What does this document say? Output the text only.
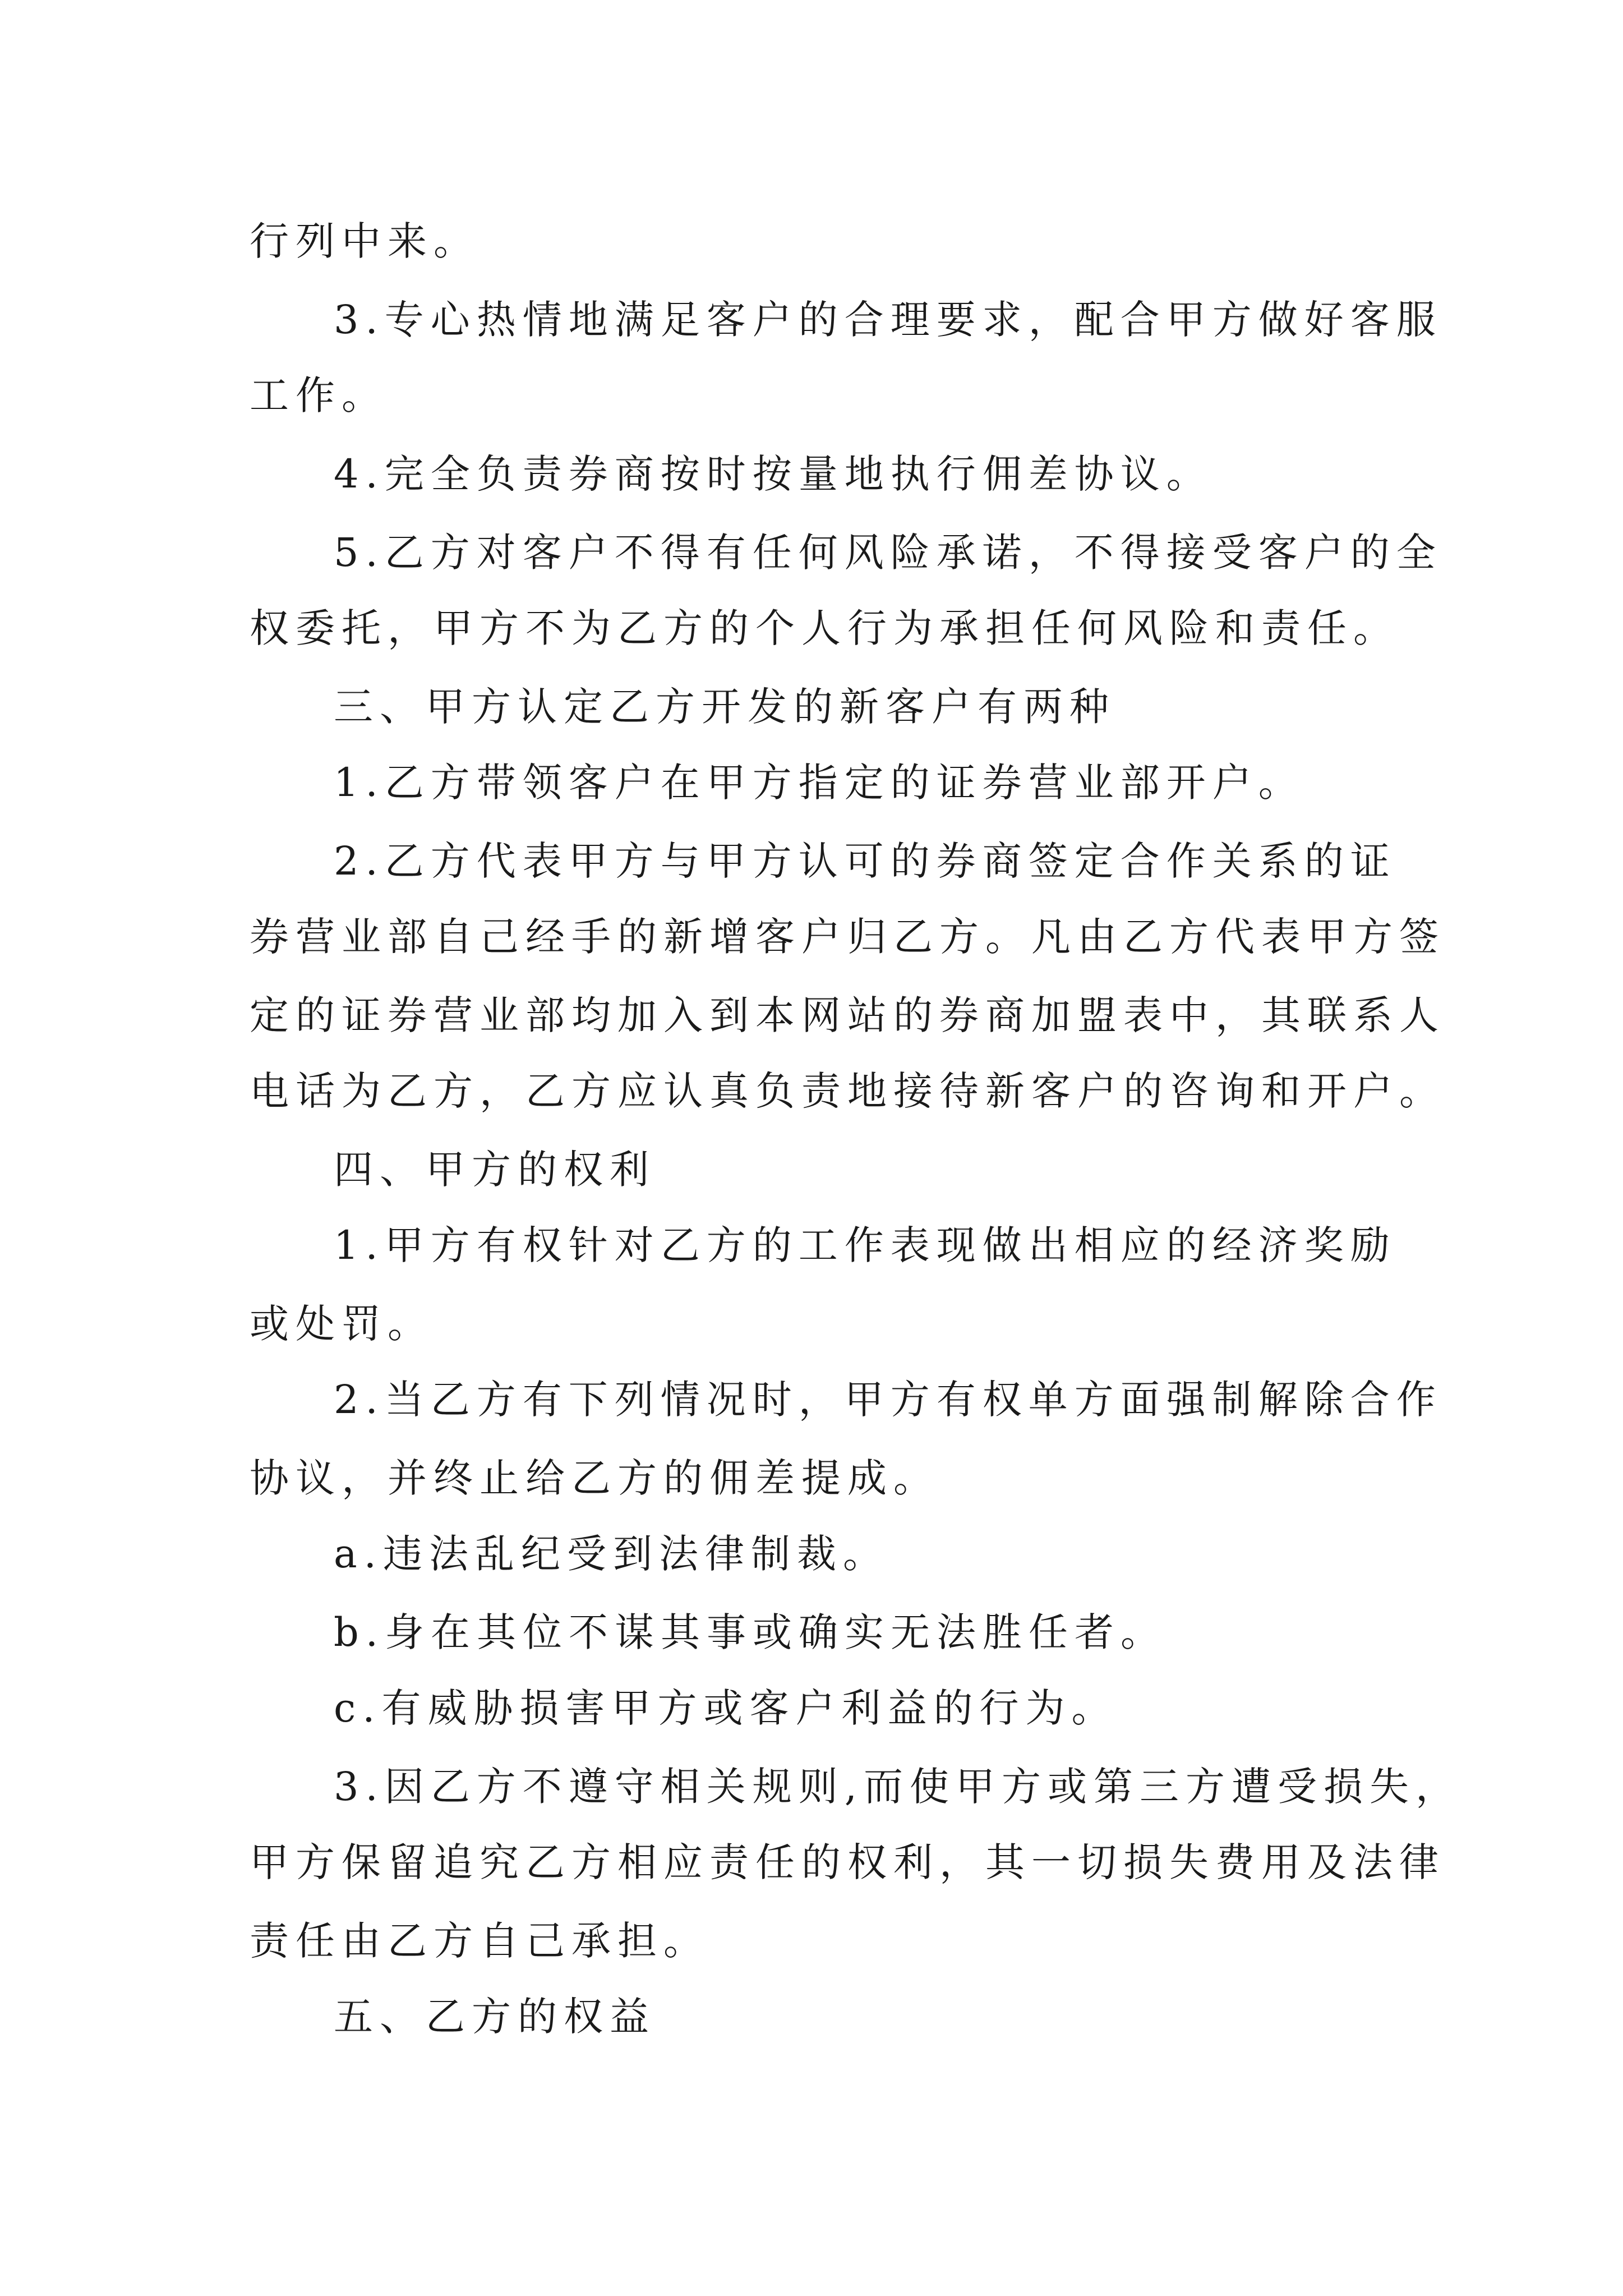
行列中来。
3.专心热情地满足客户的合理要求，配合甲方做好客服
工作。
4.完全负责券商按时按量地执行佣差协议。
5.乙方对客户不得有任何风险承诺，不得接受客户的全
权委托，甲方不为乙方的个人行为承担任何风险和责任。
三、甲方认定乙方开发的新客户有两种
1.乙方带领客户在甲方指定的证券营业部开户。
2.乙方代表甲方与甲方认可的券商签定合作关系的证
券营业部自己经手的新增客户归乙方。凡由乙方代表甲方签
定的证券营业部均加入到本网站的券商加盟表中，其联系人
电话为乙方，乙方应认真负责地接待新客户的咨询和开户。
四、甲方的权利
1.甲方有权针对乙方的工作表现做出相应的经济奖励
或处罚。
2.当乙方有下列情况时，甲方有权单方面强制解除合作
协议，并终止给乙方的佣差提成。
a.违法乱纪受到法律制裁。
b.身在其位不谋其事或确实无法胜任者。
c.有威胁损害甲方或客户利益的行为。
3.因乙方不遵守相关规则,而使甲方或第三方遭受损失，
甲方保留追究乙方相应责任的权利，其一切损失费用及法律
责任由乙方自己承担。
五、乙方的权益
